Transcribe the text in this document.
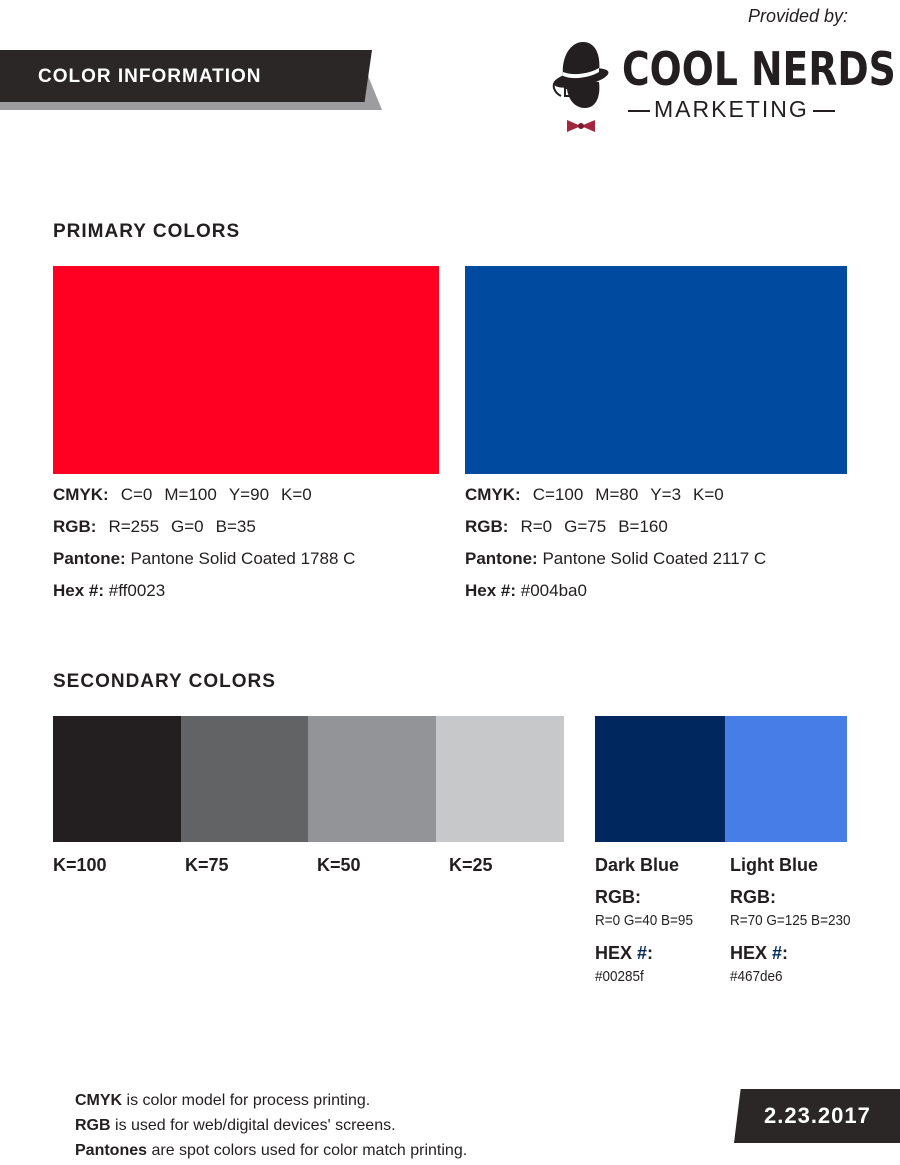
COLOR INFORMATION
Provided by:
COOL NERDS
MARKETING
PRIMARY COLORS
CMYK: C=0 M=100 Y=90 K=0
RGB: R=255 G=0 B=35
Pantone: Pantone Solid Coated 1788 C
Hex #: #ff0023
CMYK: C=100 M=80 Y=3 K=0
RGB: R=0 G=75 B=160
Pantone: Pantone Solid Coated 2117 C
Hex #: #004ba0
SECONDARY COLORS
K=100	K=75	K=50	K=25	Dark Blue
RGB:
R=0 G=40 B=95
HEX #:
#00285f
Light Blue
RGB:
R=70 G=125 B=230
HEX #:
#467de6
CMYK is color model for process printing.
RGB is used for web/digital devices' screens.
Pantones are spot colors used for color match printing.
2.23.2017
